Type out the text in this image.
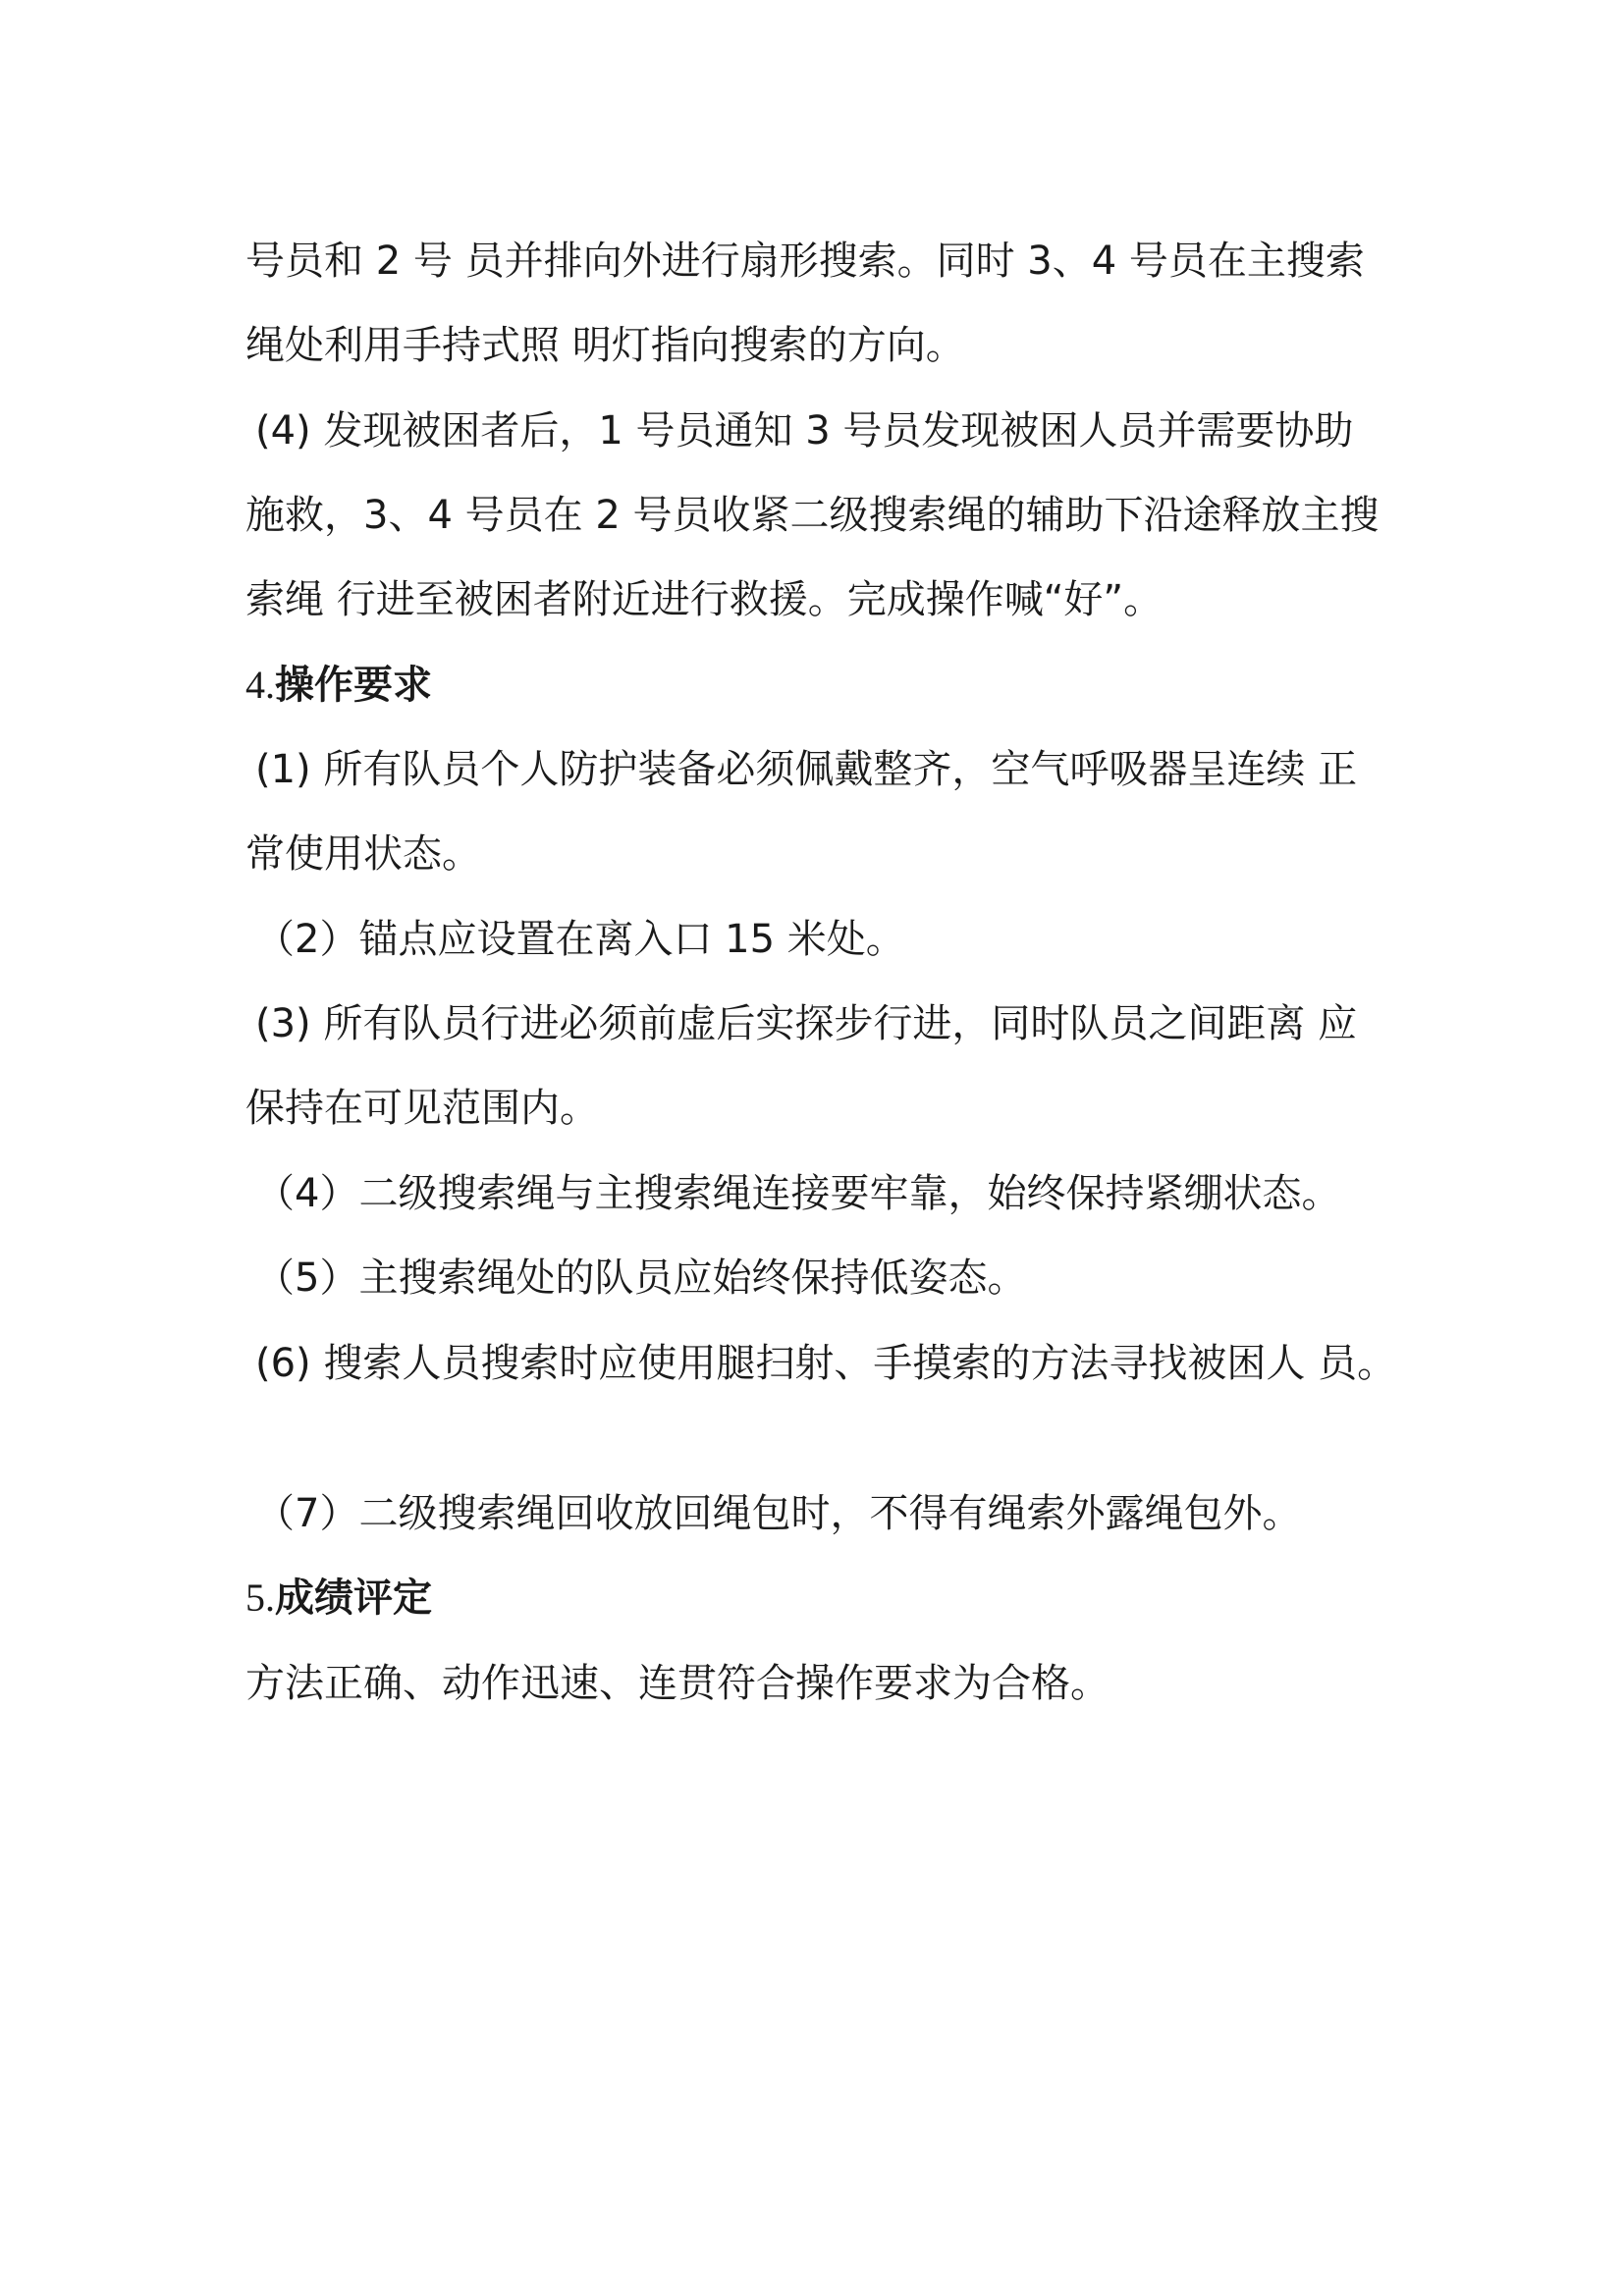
号员和 2 号 员并排向外进行扇形搜索。同时 3、4 号员在主搜索
绳处利用手持式照 明灯指向搜索的方向。
(4) 发现被困者后，1 号员通知 3 号员发现被困人员并需要协助
施救，3、4 号员在 2 号员收紧二级搜索绳的辅助下沿途释放主搜
索绳 行进至被困者附近进行救援。完成操作喊“好”。
4.操作要求
(1) 所有队员个人防护装备必须佩戴整齐，空气呼吸器呈连续 正
常使用状态。
（2）锚点应设置在离入口 15 米处。
(3) 所有队员行进必须前虚后实探步行进，同时队员之间距离 应
保持在可见范围内。
（4）二级搜索绳与主搜索绳连接要牢靠，始终保持紧绷状态。
（5）主搜索绳处的队员应始终保持低姿态。
(6) 搜索人员搜索时应使用腿扫射、手摸索的方法寻找被困人 员。
（7）二级搜索绳回收放回绳包时，不得有绳索外露绳包外。
5.成绩评定
方法正确、动作迅速、连贯符合操作要求为合格。
